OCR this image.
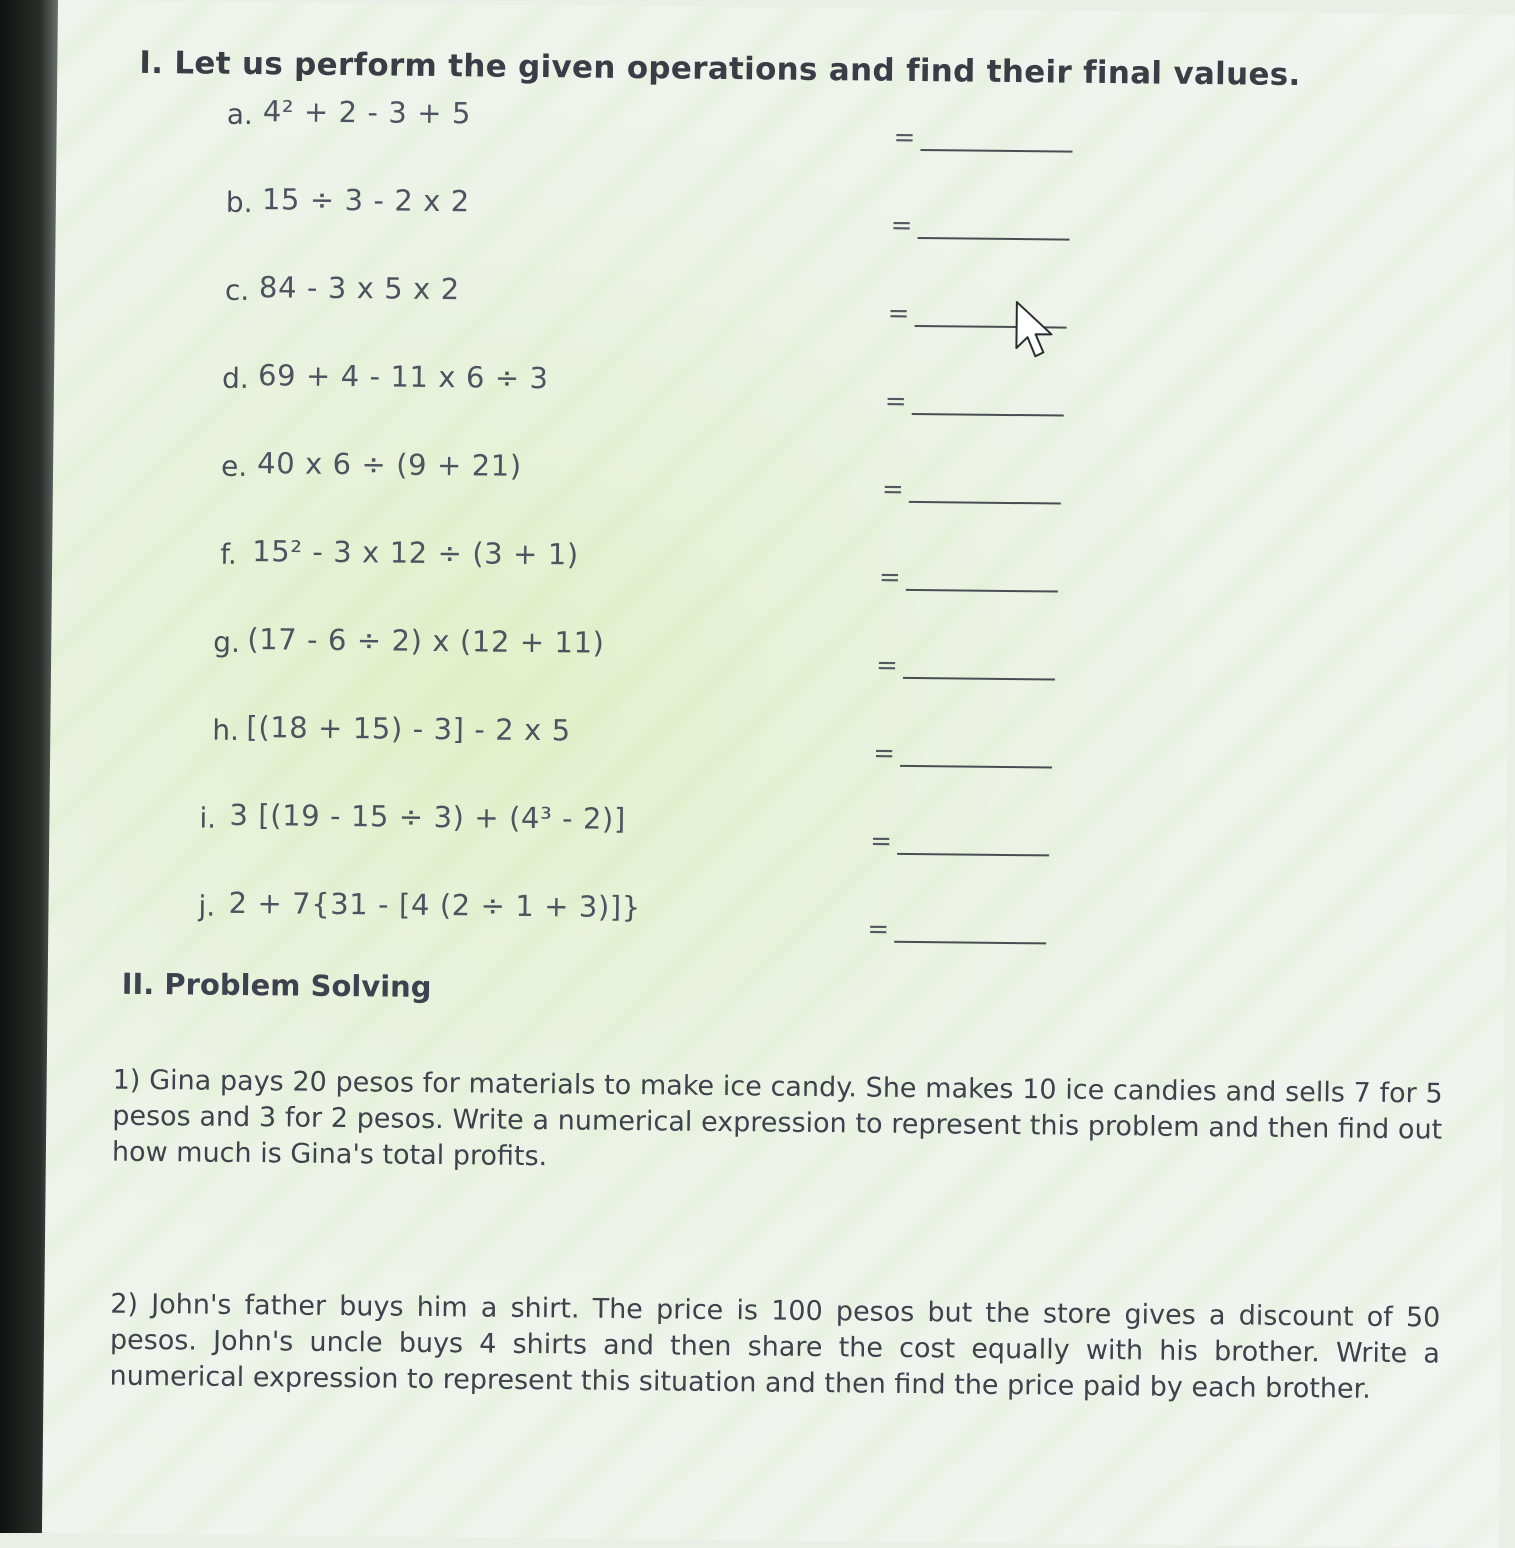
I. Let us perform the given operations and find their final values.
a. 4² + 2 - 3 + 5
=
b. 15 ÷ 3 - 2 x 2
=
c. 84 - 3 x 5 x 2
=
d. 69 + 4 - 11 x 6 ÷ 3
=
e. 40 x 6 ÷ (9 + 21)
=
f. 15² - 3 x 12 ÷ (3 + 1)
=
g. (17 - 6 ÷ 2) x (12 + 11)
=
h. [(18 + 15) - 3] - 2 x 5
=
i. 3 [(19 - 15 ÷ 3) + (4³ - 2)]
=
j. 2 + 7{31 - [4 (2 ÷ 1 + 3)]}
=
II. Problem Solving
1) Gina pays 20 pesos for materials to make ice candy. She makes 10 ice candies and sells 7 for 5 pesos and 3 for 2 pesos. Write a numerical expression to represent this problem and then find out how much is Gina's total profits.
2) John's father buys him a shirt. The price is 100 pesos but the store gives a discount of 50 pesos. John's uncle buys 4 shirts and then share the cost equally with his brother. Write a numerical expression to represent this situation and then find the price paid by each brother.
